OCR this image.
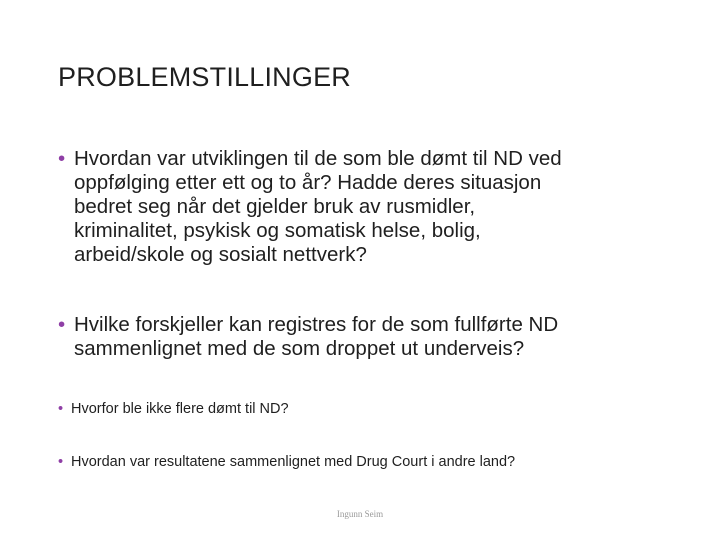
PROBLEMSTILLINGER
• Hvordan var utviklingen til de som ble dømt til ND ved
oppfølging etter ett og to år? Hadde deres situasjon
bedret seg når det gjelder bruk av rusmidler,
kriminalitet, psykisk og somatisk helse, bolig,
arbeid/skole og sosialt nettverk?
• Hvilke forskjeller kan registres for de som fullførte ND
sammenlignet med de som droppet ut underveis?
• Hvorfor ble ikke flere dømt til ND?
• Hvordan var resultatene sammenlignet med Drug Court i andre land?
Ingunn Seim
